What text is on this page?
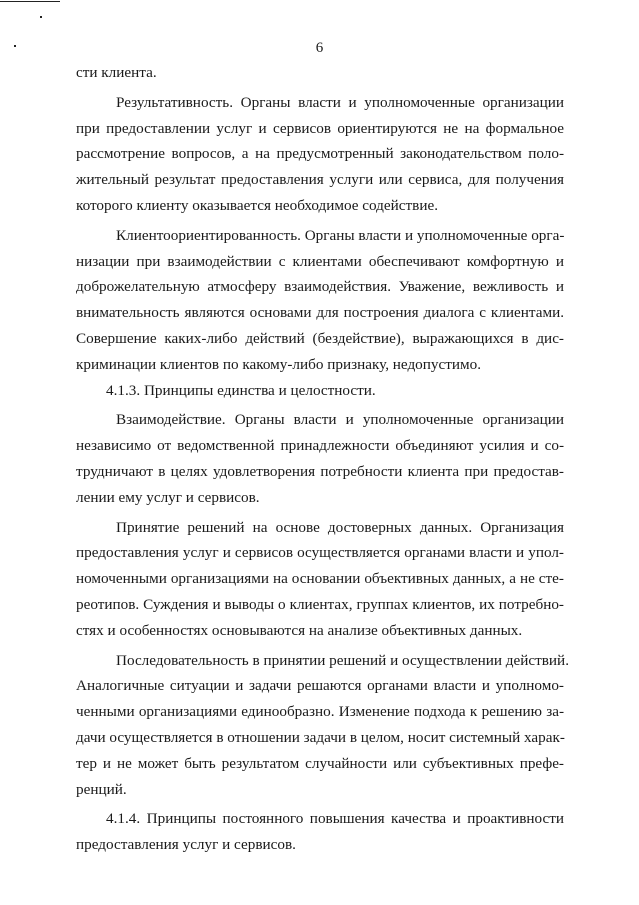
6
сти клиента.
Результативность. Органы власти и уполномоченные организации
при предоставлении услуг и сервисов ориентируются не на формальное
рассмотрение вопросов, а на предусмотренный законодательством поло-
жительный результат предоставления услуги или сервиса, для получения
которого клиенту оказывается необходимое содействие.
Клиентоориентированность. Органы власти и уполномоченные орга-
низации при взаимодействии с клиентами обеспечивают комфортную и
доброжелательную атмосферу взаимодействия. Уважение, вежливость и
внимательность являются основами для построения диалога с клиентами.
Совершение каких-либо действий (бездействие), выражающихся в дис-
криминации клиентов по какому-либо признаку, недопустимо.
4.1.3. Принципы единства и целостности.
Взаимодействие. Органы власти и уполномоченные организации
независимо от ведомственной принадлежности объединяют усилия и со-
трудничают в целях удовлетворения потребности клиента при предостав-
лении ему услуг и сервисов.
Принятие решений на основе достоверных данных. Организация
предоставления услуг и сервисов осуществляется органами власти и упол-
номоченными организациями на основании объективных данных, а не сте-
реотипов. Суждения и выводы о клиентах, группах клиентов, их потребно-
стях и особенностях основываются на анализе объективных данных.
Последовательность в принятии решений и осуществлении действий.
Аналогичные ситуации и задачи решаются органами власти и уполномо-
ченными организациями единообразно. Изменение подхода к решению за-
дачи осуществляется в отношении задачи в целом, носит системный харак-
тер и не может быть результатом случайности или субъективных префе-
ренций.
4.1.4. Принципы постоянного повышения качества и проактивности
предоставления услуг и сервисов.
